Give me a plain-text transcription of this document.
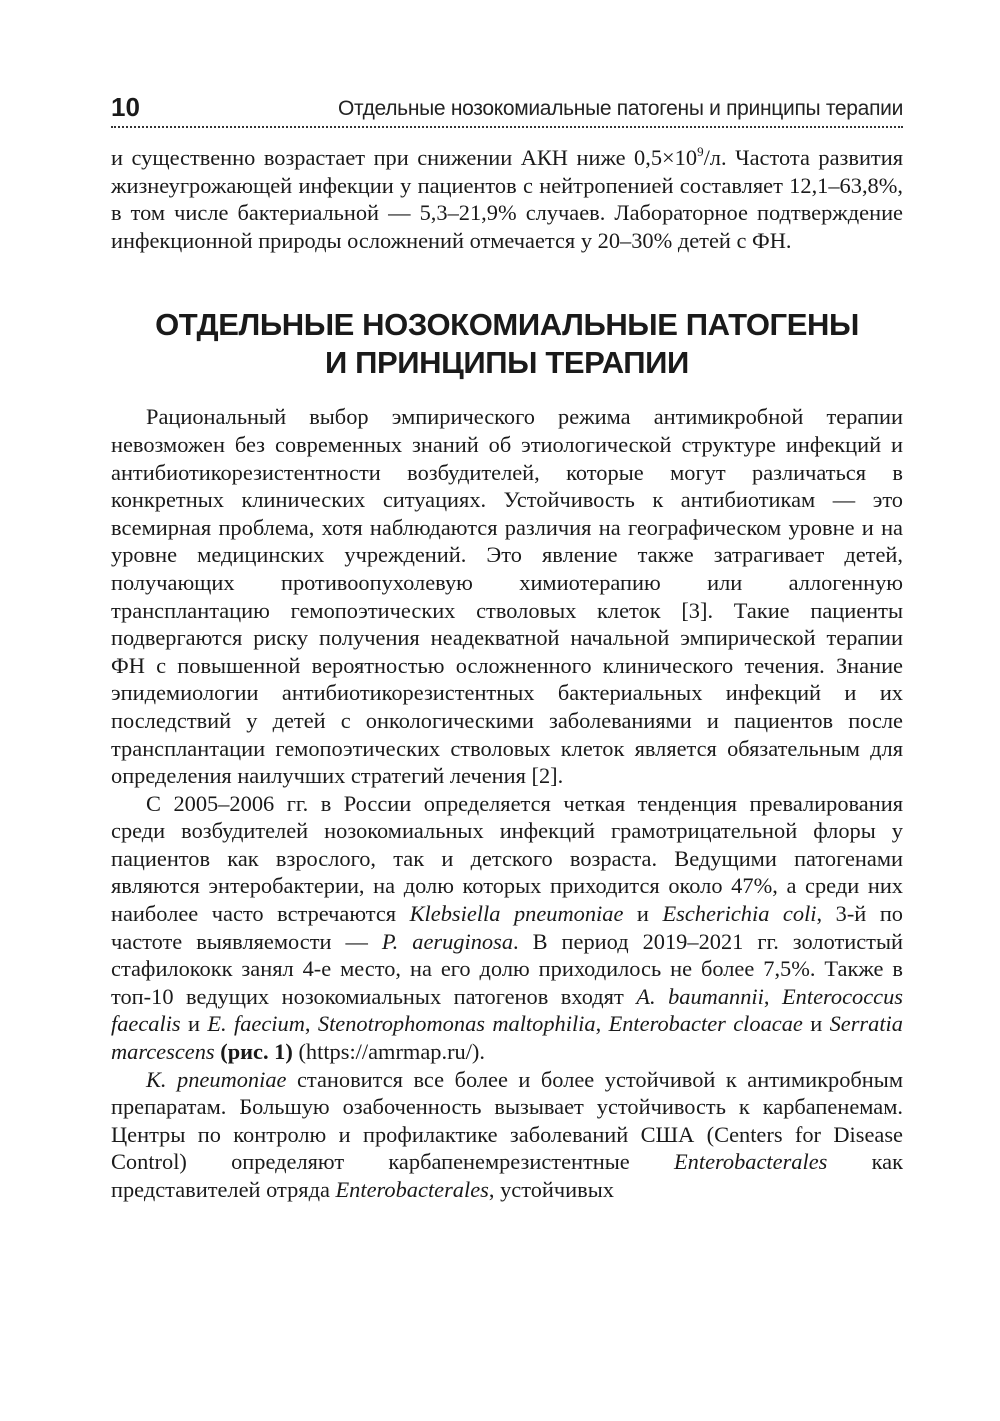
10	Отдельные нозокомиальные патогены и принципы терапии

и существенно возрастает при снижении АКН ниже $0,5\times 10^9/л$. Частота развития жизнеугрожающей инфекции у пациентов с нейтропенией составляет 12,1–63,8%, в том числе бактериальной — 5,3–21,9% случаев. Лабораторное подтверждение инфекционной природы осложнений отмечается у 20–30% детей с ФН.

ОТДЕЛЬНЫЕ НОЗОКОМИАЛЬНЫЕ ПАТОГЕНЫ
И ПРИНЦИПЫ ТЕРАПИИ

Рациональный выбор эмпирического режима антимикробной терапии невозможен без современных знаний об этиологической структуре инфекций и антибиотикорезистентности возбудителей, которые могут различаться в конкретных клинических ситуациях. Устойчивость к антибиотикам — это всемирная проблема, хотя наблюдаются различия на географическом уровне и на уровне медицинских учреждений. Это явление также затрагивает детей, получающих противоопухолевую химиотерапию или аллогенную трансплантацию гемопоэтических стволовых клеток [3]. Такие пациенты подвергаются риску получения неадекватной начальной эмпирической терапии ФН с повышенной вероятностью осложненного клинического течения. Знание эпидемиологии антибиотикорезистентных бактериальных инфекций и их последствий у детей с онкологическими заболеваниями и пациентов после трансплантации гемопоэтических стволовых клеток является обязательным для определения наилучших стратегий лечения [2].

С 2005–2006 гг. в России определяется четкая тенденция превалирования среди возбудителей нозокомиальных инфекций грамотрицательной флоры у пациентов как взрослого, так и детского возраста. Ведущими патогенами являются энтеробактерии, на долю которых приходится около 47%, а среди них наиболее часто встречаются Klebsiella pneumoniae и Escherichia coli, 3-й по частоте выявляемости — P. aeruginosa. В период 2019–2021 гг. золотистый стафилококк занял 4-е место, на его долю приходилось не более 7,5%. Также в топ-10 ведущих нозокомиальных патогенов входят A. baumannii, Enterococcus faecalis и E. faecium, Stenotrophomonas maltophilia, Enterobacter cloacae и Serratia marcescens (рис. 1) (https://amrmap.ru/).

K. pneumoniae становится все более и более устойчивой к антимикробным препаратам. Большую озабоченность вызывает устойчивость к карбапенемам. Центры по контролю и профилактике заболеваний США (Centers for Disease Control) определяют карбапенемрезистентные Enterobacterales как представителей отряда Enterobacterales, устойчивых
